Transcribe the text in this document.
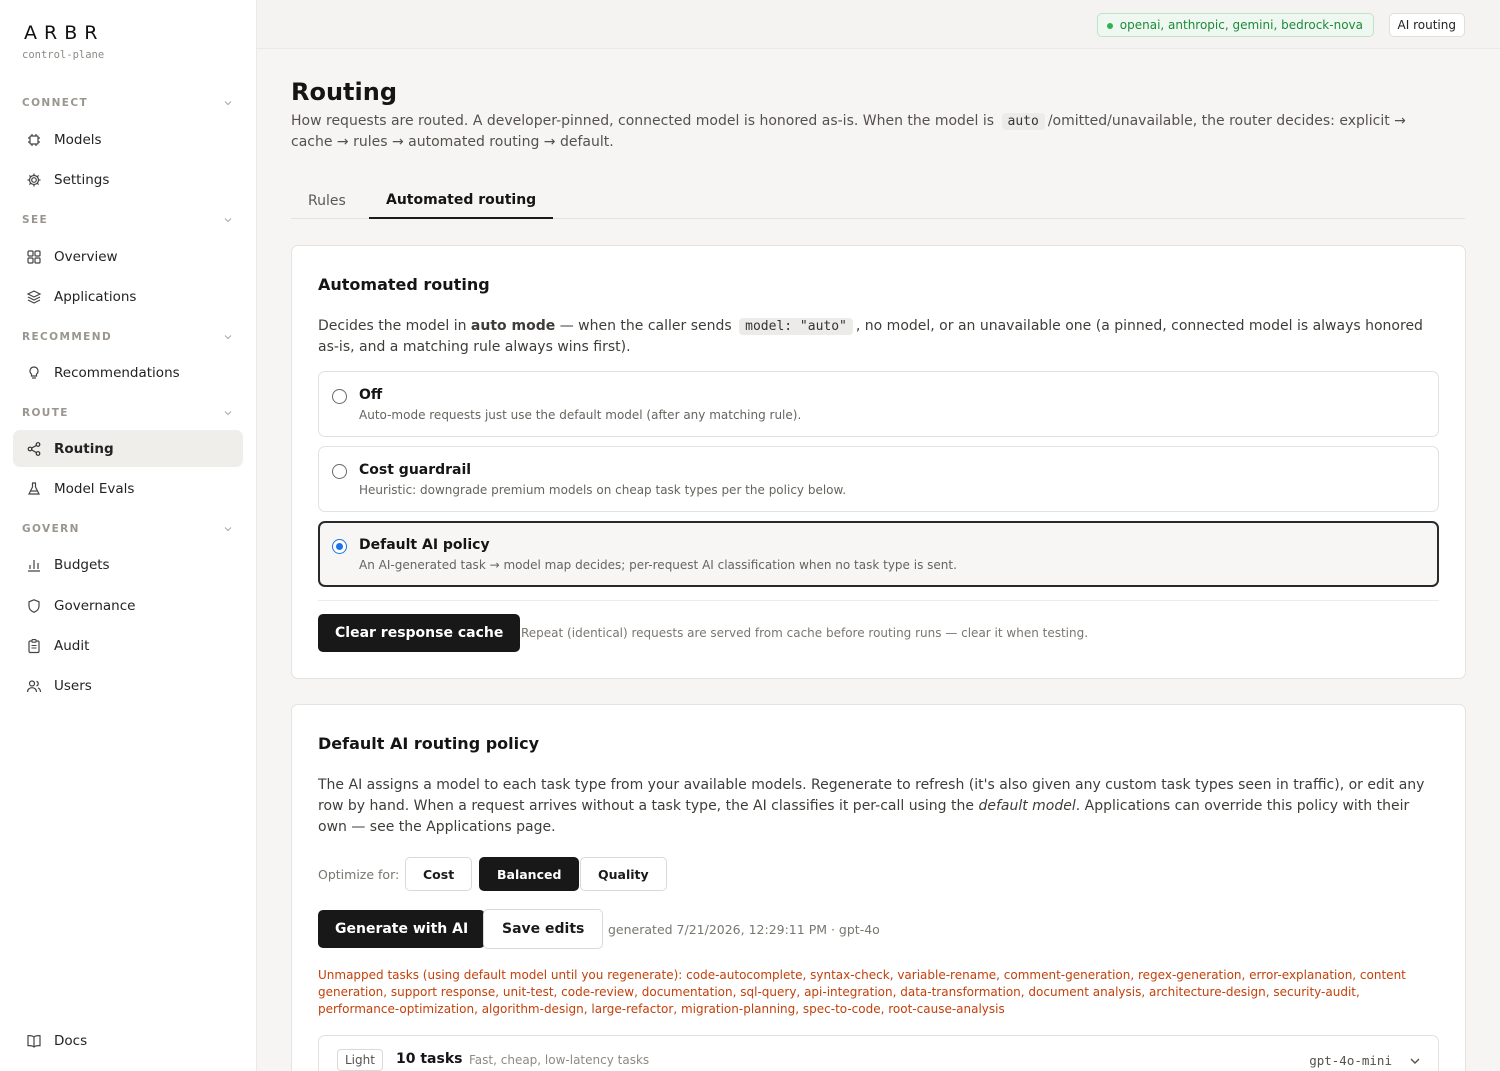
ARBR
control-plane
CONNECT
Models
Settings
SEE
Overview
Applications
RECOMMEND
Recommendations
ROUTE
Routing
Model Evals
GOVERN
Budgets
Governance
Audit
Users
Docs
openai, anthropic, gemini, bedrock-nova	AI routing
Routing

How requests are routed. A developer-pinned, connected model is honored as-is. When the model is auto /omitted/unavailable, the router decides: explicit → cache → rules → automated routing → default.

Rules	Automated routing
Automated routing

Decides the model in auto mode — when the caller sends model: "auto" , no model, or an unavailable one (a pinned, connected model is always honored as-is, and a matching rule always wins first).

Off
Auto-mode requests just use the default model (after any matching rule).
Cost guardrail
Heuristic: downgrade premium models on cheap task types per the policy below.
Default AI policy
An AI-generated task → model map decides; per-request AI classification when no task type is sent.
Clear response cache	Repeat (identical) requests are served from cache before routing runs — clear it when testing.
Default AI routing policy

The AI assigns a model to each task type from your available models. Regenerate to refresh (it's also given any custom task types seen in traffic), or edit any row by hand. When a request arrives without a task type, the AI classifies it per-call using the default model. Applications can override this policy with their own — see the Applications page.

Optimize for:	Cost	Balanced	Quality
Generate with AI	Save edits	generated 7/21/2026, 12:29:11 PM · gpt-4o
Unmapped tasks (using default model until you regenerate): code-autocomplete, syntax-check, variable-rename, comment-generation, regex-generation, error-explanation, content generation, support response, unit-test, code-review, documentation, sql-query, api-integration, data-transformation, document analysis, architecture-design, security-audit, performance-optimization, algorithm-design, large-refactor, migration-planning, spec-to-code, root-cause-analysis
Light	10 tasks Fast, cheap, low-latency tasks	gpt-4o-mini
